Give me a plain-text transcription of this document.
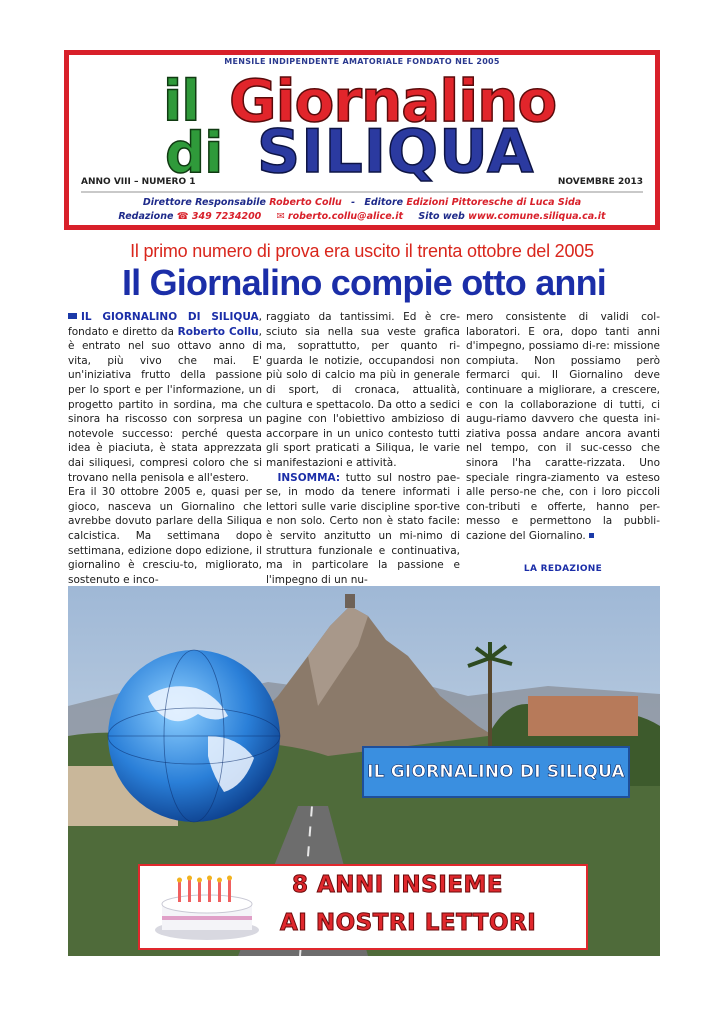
MENSILE INDIPENDENTE AMATORIALE FONDATO NEL 2005
il Giornalino
di SILIQUA
ANNO VIII – NUMERO 1	NOVEMBRE 2013
Direttore Responsabile Roberto Collu - Editore Edizioni Pittoresche di Luca Sida
Redazione ☎ 349 7234200 ✉ roberto.collu@alice.it Sito web www.comune.siliqua.ca.it
Il primo numero di prova era uscito il trenta ottobre del 2005
Il Giornalino compie otto anni

IL GIORNALINO DI SILIQUA, fondato e diretto da Roberto Collu, è entrato nel suo ottavo anno di vita, più vivo che mai. E' un'iniziativa frutto della passione per lo sport e per l'informazione, un progetto partito in sordina, ma che sinora ha riscosso con sorpresa un notevole successo: perché questa idea è piaciuta, è stata apprezzata dai siliquesi, compresi coloro che si trovano nella penisola e all'estero.

Era il 30 ottobre 2005 e, quasi per gioco, nasceva un Giornalino che avrebbe dovuto parlare della Siliqua calcistica. Ma settimana dopo settimana, edizione dopo edizione, il giornalino è cresciu-to, migliorato, sostenuto e inco-

raggiato da tantissimi. Ed è cre-sciuto sia nella sua veste grafica ma, soprattutto, per quanto ri-guarda le notizie, occupandosi non più solo di calcio ma più in generale di sport, di cronaca, attualità, cultura e spettacolo. Da otto a sedici pagine con l'obiettivo ambizioso di accorpare in un unico contesto tutti gli sport praticati a Siliqua, le varie manifestazioni e attività.

INSOMMA: tutto sul nostro pae-se, in modo da tenere informati i lettori sulle varie discipline spor-tive e non solo. Certo non è stato facile: è servito anzitutto un mi-nimo di struttura funzionale e continuativa, ma in particolare la passione e l'impegno di un nu-

mero consistente di validi col-laboratori. E ora, dopo tanti anni d'impegno, possiamo di-re: missione compiuta. Non possiamo però fermarci qui. Il Giornalino deve continuare a migliorare, a crescere, e con la collaborazione di tutti, ci augu-riamo davvero che questa ini-ziativa possa andare ancora avanti nel tempo, con il suc-cesso che sinora l'ha caratte-rizzata. Uno speciale ringra-ziamento va esteso alle perso-ne che, con i loro piccoli con-tributi e offerte, hanno per-messo e permettono la pubbli-cazione del Giornalino.

LA REDAZIONE
IL GIORNALINO DI SILIQUA
8 ANNI INSIEME
AI NOSTRI LETTORI
